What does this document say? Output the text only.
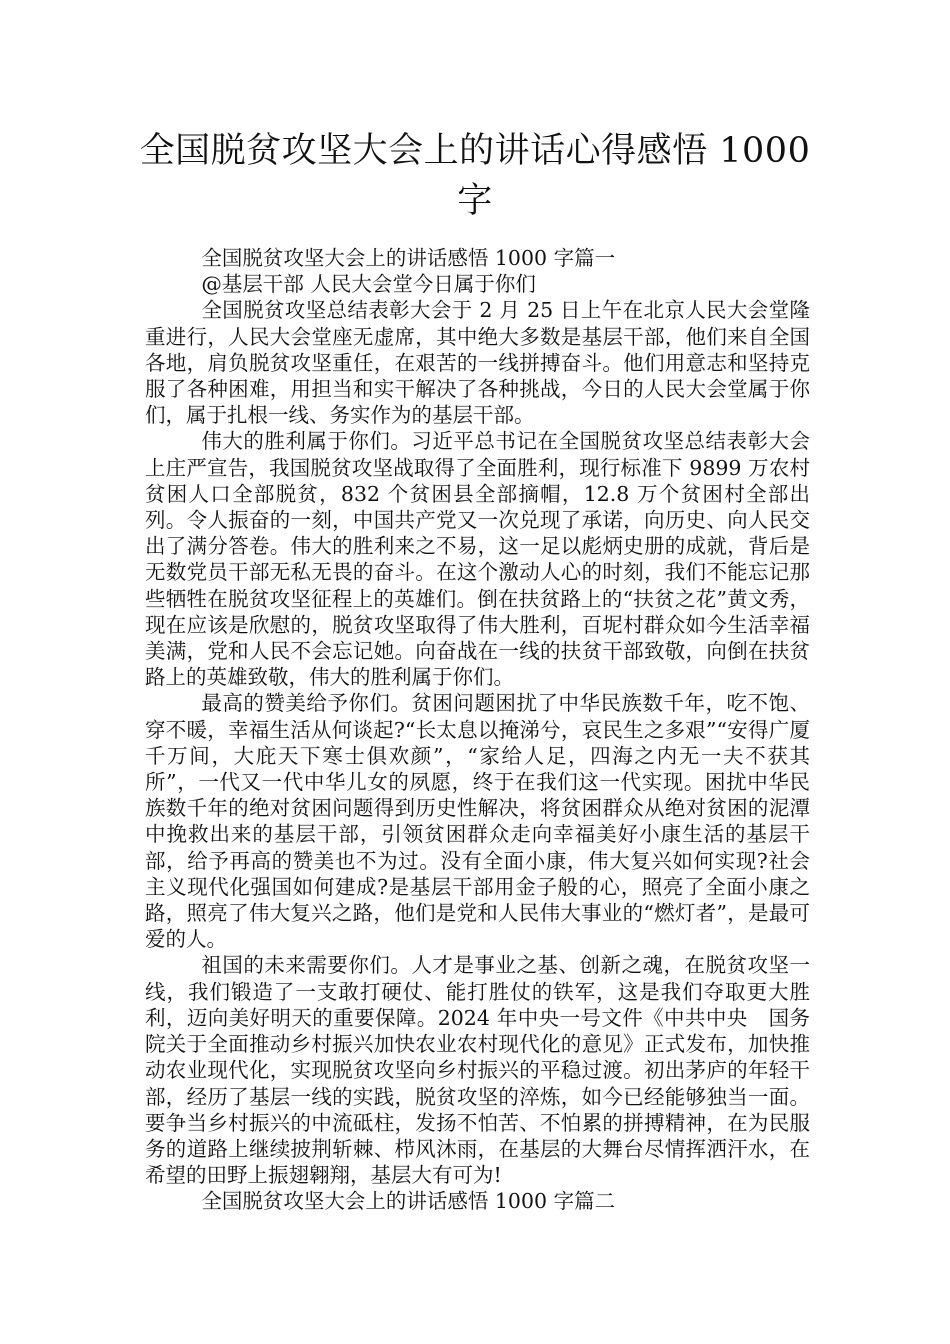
全国脱贫攻坚大会上的讲话心得感悟 1000 字

全国脱贫攻坚大会上的讲话感悟 1000 字篇一

@基层干部 人民大会堂今日属于你们

全国脱贫攻坚总结表彰大会于 2 月 25 日上午在北京人民大会堂隆重进行，人民大会堂座无虚席，其中绝大多数是基层干部，他们来自全国各地，肩负脱贫攻坚重任，在艰苦的一线拼搏奋斗。他们用意志和坚持克服了各种困难，用担当和实干解决了各种挑战，今日的人民大会堂属于你们，属于扎根一线、务实作为的基层干部。

伟大的胜利属于你们。习近平总书记在全国脱贫攻坚总结表彰大会上庄严宣告，我国脱贫攻坚战取得了全面胜利，现行标准下 9899 万农村贫困人口全部脱贫，832 个贫困县全部摘帽，12.8 万个贫困村全部出列。令人振奋的一刻，中国共产党又一次兑现了承诺，向历史、向人民交出了满分答卷。伟大的胜利来之不易，这一足以彪炳史册的成就，背后是无数党员干部无私无畏的奋斗。在这个激动人心的时刻，我们不能忘记那些牺牲在脱贫攻坚征程上的英雄们。倒在扶贫路上的“扶贫之花”黄文秀，现在应该是欣慰的，脱贫攻坚取得了伟大胜利，百坭村群众如今生活幸福美满，党和人民不会忘记她。向奋战在一线的扶贫干部致敬，向倒在扶贫路上的英雄致敬，伟大的胜利属于你们。

最高的赞美给予你们。贫困问题困扰了中华民族数千年，吃不饱、穿不暖，幸福生活从何谈起?“长太息以掩涕兮，哀民生之多艰”“安得广厦千万间，大庇天下寒士俱欢颜”，“家给人足，四海之内无一夫不获其所”，一代又一代中华儿女的夙愿，终于在我们这一代实现。困扰中华民族数千年的绝对贫困问题得到历史性解决，将贫困群众从绝对贫困的泥潭中挽救出来的基层干部，引领贫困群众走向幸福美好小康生活的基层干部，给予再高的赞美也不为过。没有全面小康，伟大复兴如何实现?社会主义现代化强国如何建成?是基层干部用金子般的心，照亮了全面小康之路，照亮了伟大复兴之路，他们是党和人民伟大事业的“燃灯者”，是最可爱的人。

祖国的未来需要你们。人才是事业之基、创新之魂，在脱贫攻坚一线，我们锻造了一支敢打硬仗、能打胜仗的铁军，这是我们夺取更大胜利，迈向美好明天的重要保障。2024 年中央一号文件《中共中央　国务院关于全面推动乡村振兴加快农业农村现代化的意见》正式发布，加快推动农业现代化，实现脱贫攻坚向乡村振兴的平稳过渡。初出茅庐的年轻干部，经历了基层一线的实践，脱贫攻坚的淬炼，如今已经能够独当一面。要争当乡村振兴的中流砥柱，发扬不怕苦、不怕累的拼搏精神，在为民服务的道路上继续披荆斩棘、栉风沐雨，在基层的大舞台尽情挥洒汗水，在希望的田野上振翅翱翔，基层大有可为!

全国脱贫攻坚大会上的讲话感悟 1000 字篇二
